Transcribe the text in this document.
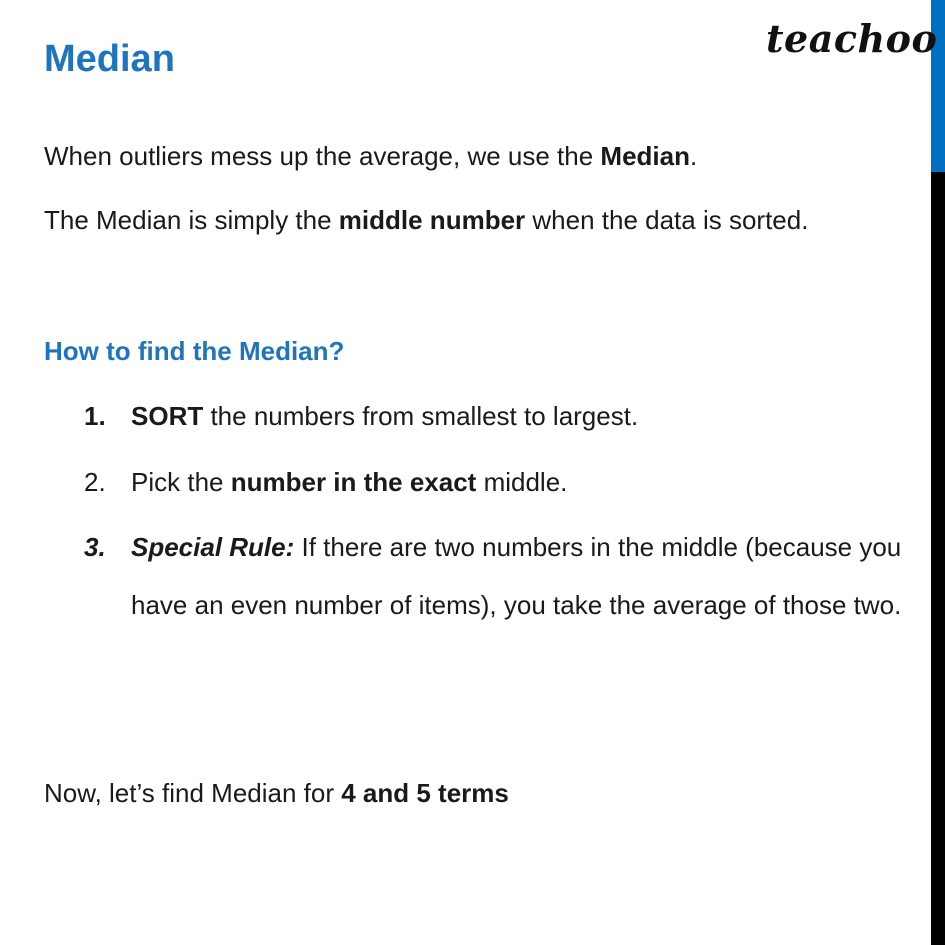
Median	teachoo

When outliers mess up the average, we use the Median.

The Median is simply the middle number when the data is sorted.

How to find the Median?
1. SORT the numbers from smallest to largest.
2. Pick the number in the exact middle.
3. Special Rule: If there are two numbers in the middle (because you have an even number of items), you take the average of those two.

Now, let’s find Median for 4 and 5 terms
